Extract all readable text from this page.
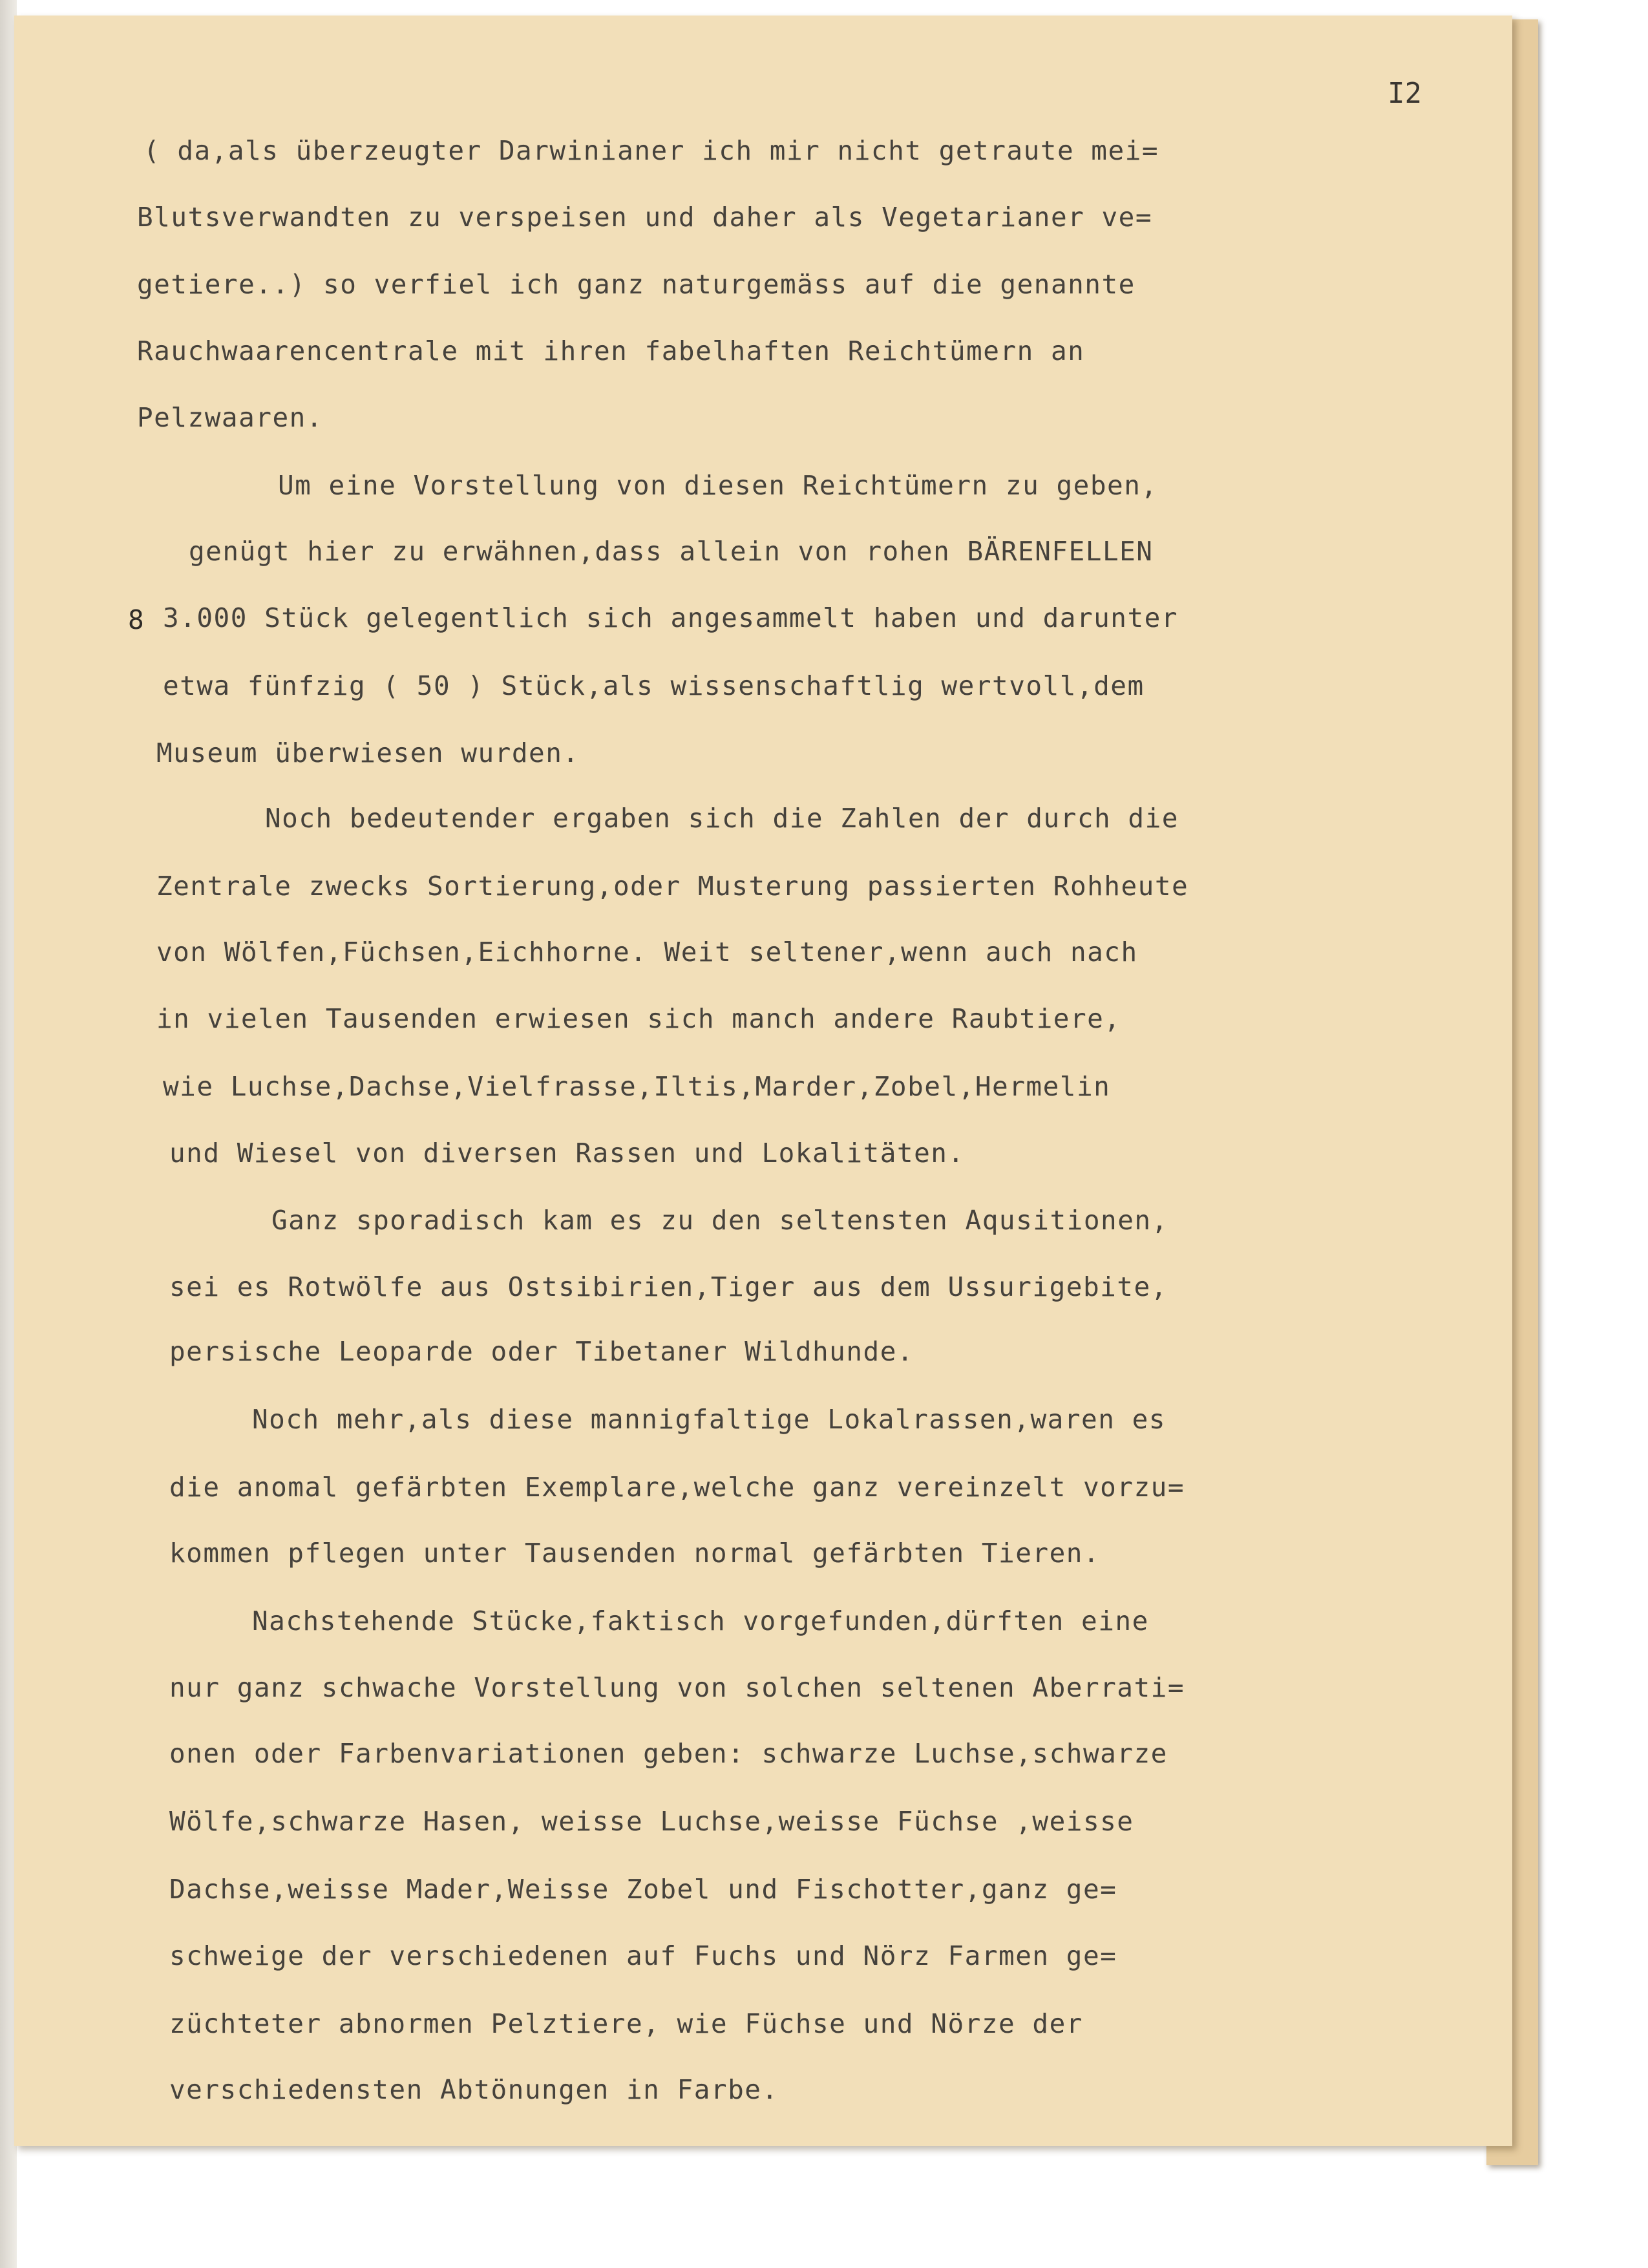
I2
8
( da,als überzeugter Darwinianer ich mir nicht getraute mei=
Blutsverwandten zu verspeisen und daher als Vegetarianer ve=
getiere..) so verfiel ich ganz naturgemäss auf die genannte
Rauchwaarencentrale mit ihren fabelhaften Reichtümern an
Pelzwaaren.
Um eine Vorstellung von diesen Reichtümern zu geben,
genügt hier zu erwähnen,dass allein von rohen BÄRENFELLEN
3.000 Stück gelegentlich sich angesammelt haben und darunter
etwa fünfzig ( 50 ) Stück,als wissenschaftlig wertvoll,dem
Museum überwiesen wurden.
Noch bedeutender ergaben sich die Zahlen der durch die
Zentrale zwecks Sortierung,oder Musterung passierten Rohheute
von Wölfen,Füchsen,Eichhorne. Weit seltener,wenn auch nach
in vielen Tausenden erwiesen sich manch andere Raubtiere,
wie Luchse,Dachse,Vielfrasse,Iltis,Marder,Zobel,Hermelin
und Wiesel von diversen Rassen und Lokalitäten.
Ganz sporadisch kam es zu den seltensten Aqusitionen,
sei es Rotwölfe aus Ostsibirien,Tiger aus dem Ussurigebite,
persische Leoparde oder Tibetaner Wildhunde.
Noch mehr,als diese mannigfaltige Lokalrassen,waren es
die anomal gefärbten Exemplare,welche ganz vereinzelt vorzu=
kommen pflegen unter Tausenden normal gefärbten Tieren.
Nachstehende Stücke,faktisch vorgefunden,dürften eine
nur ganz schwache Vorstellung von solchen seltenen Aberrati=
onen oder Farbenvariationen geben: schwarze Luchse,schwarze
Wölfe,schwarze Hasen, weisse Luchse,weisse Füchse ,weisse
Dachse,weisse Mader,Weisse Zobel und Fischotter,ganz ge=
schweige der verschiedenen auf Fuchs und Nörz Farmen ge=
züchteter abnormen Pelztiere, wie Füchse und Nörze der
verschiedensten Abtönungen in Farbe.
